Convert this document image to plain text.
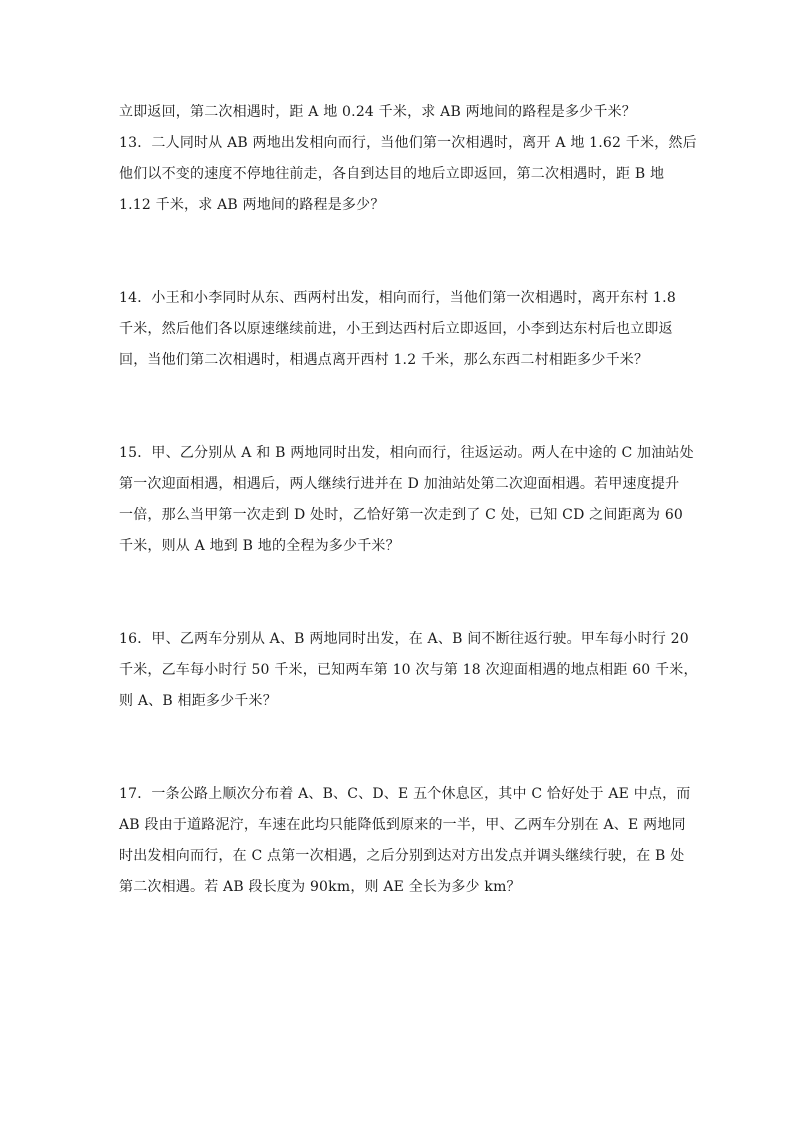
立即返回，第二次相遇时，距 A 地 0.24 千米，求 AB 两地间的路程是多少千米？
13．二人同时从 AB 两地出发相向而行，当他们第一次相遇时，离开 A 地 1.62 千米，然后
他们以不变的速度不停地往前走，各自到达目的地后立即返回，第二次相遇时，距 B 地
1.12 千米，求 AB 两地间的路程是多少？
14．小王和小李同时从东、西两村出发，相向而行，当他们第一次相遇时，离开东村 1.8
千米，然后他们各以原速继续前进，小王到达西村后立即返回，小李到达东村后也立即返
回，当他们第二次相遇时，相遇点离开西村 1.2 千米，那么东西二村相距多少千米？
15．甲、乙分别从 A 和 B 两地同时出发，相向而行，往返运动。两人在中途的 C 加油站处
第一次迎面相遇，相遇后，两人继续行进并在 D 加油站处第二次迎面相遇。若甲速度提升
一倍，那么当甲第一次走到 D 处时，乙恰好第一次走到了 C 处，已知 CD 之间距离为 60
千米，则从 A 地到 B 地的全程为多少千米？
16．甲、乙两车分别从 A、B 两地同时出发，在 A、B 间不断往返行驶。甲车每小时行 20
千米，乙车每小时行 50 千米，已知两车第 10 次与第 18 次迎面相遇的地点相距 60 千米，
则 A、B 相距多少千米？
17．一条公路上顺次分布着 A、B、C、D、E 五个休息区，其中 C 恰好处于 AE 中点，而
AB 段由于道路泥泞，车速在此均只能降低到原来的一半，甲、乙两车分别在 A、E 两地同
时出发相向而行，在 C 点第一次相遇，之后分别到达对方出发点并调头继续行驶，在 B 处
第二次相遇。若 AB 段长度为 90km，则 AE 全长为多少 km？
